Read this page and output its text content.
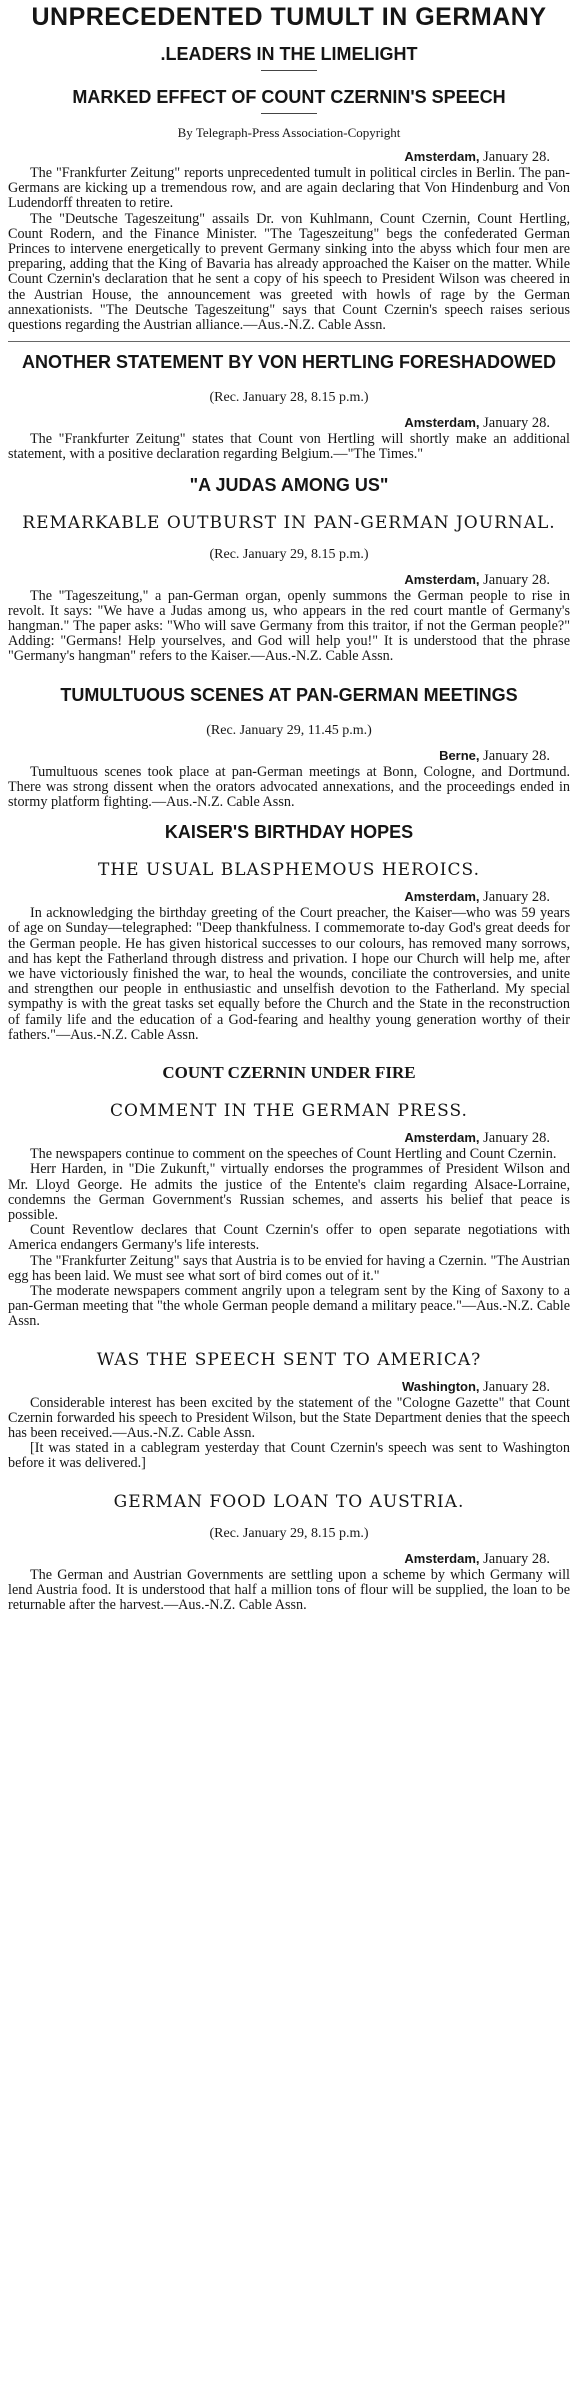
UNPRECEDENTED TUMULT IN GERMANY
.LEADERS IN THE LIMELIGHT
MARKED EFFECT OF COUNT CZERNIN'S SPEECH
By Telegraph-Press Association-Copyright
Amsterdam, January 28.

The "Frankfurter Zeitung" reports unprecedented tumult in political circles in Berlin. The pan-Germans are kicking up a tremendous row, and are again declaring that Von Hindenburg and Von Ludendorff threaten to retire.

The "Deutsche Tageszeitung" assails Dr. von Kuhlmann, Count Czernin, Count Hertling, Count Rodern, and the Finance Minister. "The Tageszeitung" begs the confederated German Princes to intervene energetically to prevent Germany sinking into the abyss which four men are preparing, adding that the King of Bavaria has already approached the Kaiser on the matter. While Count Czernin's declaration that he sent a copy of his speech to President Wilson was cheered in the Austrian House, the announcement was greeted with howls of rage by the German annexationists. "The Deutsche Tageszeitung" says that Count Czernin's speech raises serious questions regarding the Austrian alliance.—Aus.-N.Z. Cable Assn.

ANOTHER STATEMENT BY VON HERTLING FORESHADOWED
(Rec. January 28, 8.15 p.m.)
Amsterdam, January 28.

The "Frankfurter Zeitung" states that Count von Hertling will shortly make an additional statement, with a positive declaration regarding Belgium.—"The Times."

"A JUDAS AMONG US"
REMARKABLE OUTBURST IN PAN-GERMAN JOURNAL.
(Rec. January 29, 8.15 p.m.)
Amsterdam, January 28.

The "Tageszeitung," a pan-German organ, openly summons the German people to rise in revolt. It says: "We have a Judas among us, who appears in the red court mantle of Germany's hangman." The paper asks: "Who will save Germany from this traitor, if not the German people?" Adding: "Germans! Help yourselves, and God will help you!" It is understood that the phrase "Germany's hangman" refers to the Kaiser.—Aus.-N.Z. Cable Assn.

TUMULTUOUS SCENES AT PAN-GERMAN MEETINGS
(Rec. January 29, 11.45 p.m.)
Berne, January 28.

Tumultuous scenes took place at pan-German meetings at Bonn, Cologne, and Dortmund. There was strong dissent when the orators advocated annexations, and the proceedings ended in stormy platform fighting.—Aus.-N.Z. Cable Assn.

KAISER'S BIRTHDAY HOPES
THE USUAL BLASPHEMOUS HEROICS.
Amsterdam, January 28.

In acknowledging the birthday greeting of the Court preacher, the Kaiser—who was 59 years of age on Sunday—telegraphed: "Deep thankfulness. I commemorate to-day God's great deeds for the German people. He has given historical successes to our colours, has removed many sorrows, and has kept the Fatherland through distress and privation. I hope our Church will help me, after we have victoriously finished the war, to heal the wounds, conciliate the controversies, and unite and strengthen our people in enthusiastic and unselfish devotion to the Fatherland. My special sympathy is with the great tasks set equally before the Church and the State in the reconstruction of family life and the education of a God-fearing and healthy young generation worthy of their fathers."—Aus.-N.Z. Cable Assn.

COUNT CZERNIN UNDER FIRE
COMMENT IN THE GERMAN PRESS.
Amsterdam, January 28.

The newspapers continue to comment on the speeches of Count Hertling and Count Czernin.

Herr Harden, in "Die Zukunft," virtually endorses the programmes of President Wilson and Mr. Lloyd George. He admits the justice of the Entente's claim regarding Alsace-Lorraine, condemns the German Government's Russian schemes, and asserts his belief that peace is possible.

Count Reventlow declares that Count Czernin's offer to open separate negotiations with America endangers Germany's life interests.

The "Frankfurter Zeitung" says that Austria is to be envied for having a Czernin. "The Austrian egg has been laid. We must see what sort of bird comes out of it."

The moderate newspapers comment angrily upon a telegram sent by the King of Saxony to a pan-German meeting that "the whole German people demand a military peace."—Aus.-N.Z. Cable Assn.

WAS THE SPEECH SENT TO AMERICA?
Washington, January 28.

Considerable interest has been excited by the statement of the "Cologne Gazette" that Count Czernin forwarded his speech to President Wilson, but the State Department denies that the speech has been received.—Aus.-N.Z. Cable Assn.

[It was stated in a cablegram yesterday that Count Czernin's speech was sent to Washington before it was delivered.]

GERMAN FOOD LOAN TO AUSTRIA.
(Rec. January 29, 8.15 p.m.)
Amsterdam, January 28.

The German and Austrian Governments are settling upon a scheme by which Germany will lend Austria food. It is understood that half a million tons of flour will be supplied, the loan to be returnable after the harvest.—Aus.-N.Z. Cable Assn.
